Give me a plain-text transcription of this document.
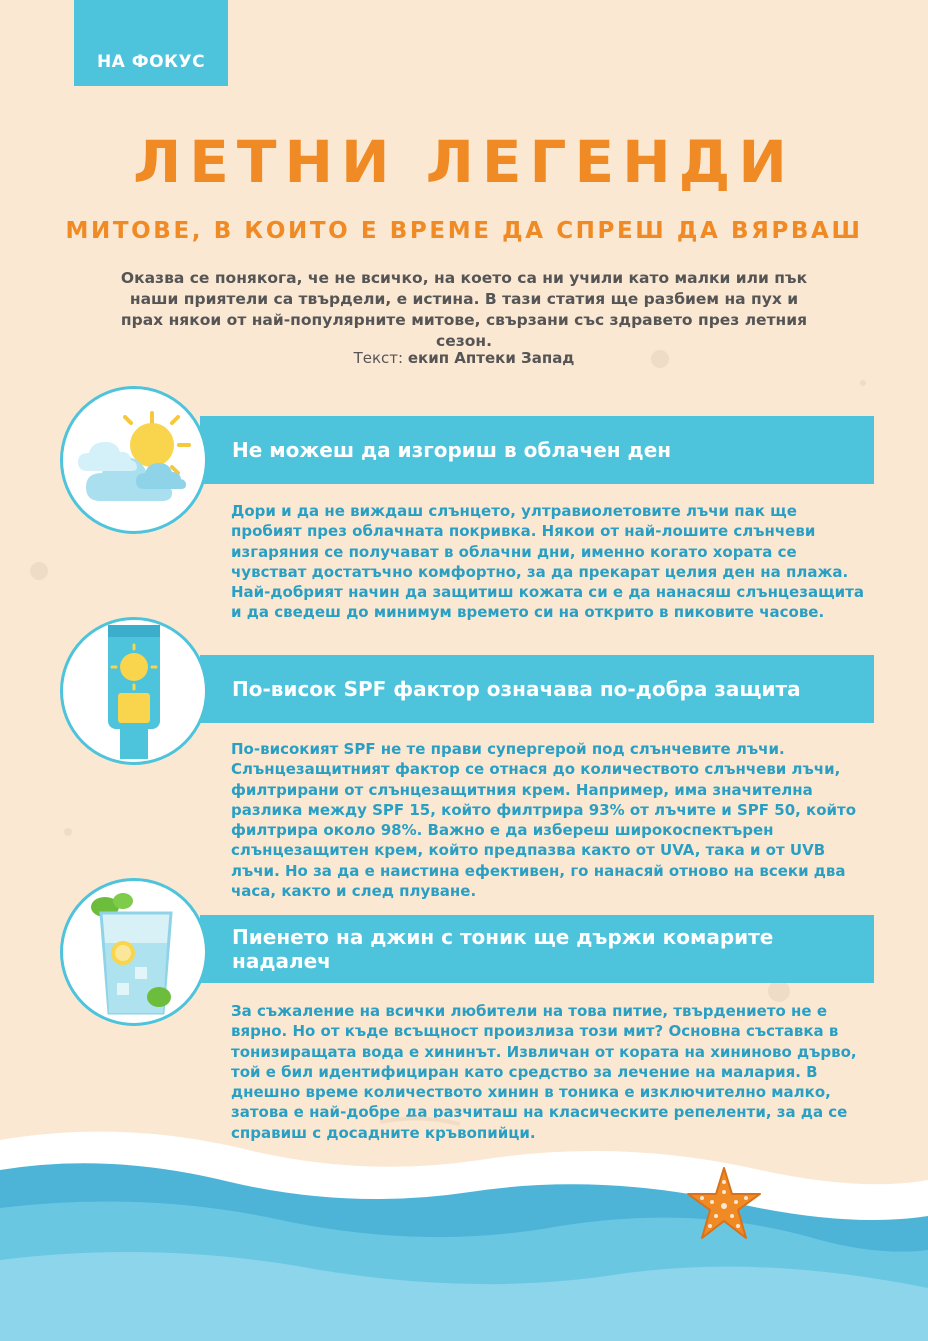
НА ФОКУС
ЛЕТНИ ЛЕГЕНДИ
МИТОВЕ, В КОИТО Е ВРЕМЕ ДА СПРЕШ ДА ВЯРВАШ
Оказва се понякога, че не всичко, на което са ни учили като малки или пък наши приятели са твърдели, е истина. В тази статия ще разбием на пух и прах някои от най-популярните митове, свързани със здравето през летния сезон.
Текст: екип Аптеки Запад
Не можеш да изгориш в облачен ден
Дори и да не виждаш слънцето, ултравиолетовите лъчи пак ще пробият през облачната покривка. Някои от най-лошите слънчеви изгаряния се получават в облачни дни, именно когато хората се чувстват достатъчно комфортно, за да прекарат целия ден на плажа. Най-добрият начин да защитиш кожата си е да нанасяш слънцезащита и да сведеш до минимум времето си на открито в пиковите часове.
По-висок SPF фактор означава по-добра защита
По-високият SPF не те прави супергерой под слънчевите лъчи. Слънцезащитният фактор се отнася до количеството слънчеви лъчи, филтрирани от слънцезащитния крем. Например, има значителна разлика между SPF 15, който филтрира 93% от лъчите и SPF 50, който филтрира около 98%. Важно е да избереш широкоспектърен слънцезащитен крем, който предпазва както от UVA, така и от UVB лъчи. Но за да е наистина ефективен, го нанасяй отново на всеки два часа, както и след плуване.
Пиенето на джин с тоник ще държи комарите надалеч
За съжаление на всички любители на това питие, твърдението не е вярно. Но от къде всъщност произлиза този мит? Основна съставка в тонизиращата вода е хининът. Извличан от кората на хининово дърво, той е бил идентифициран като средство за лечение на малария. В днешно време количеството хинин в тоника е изключително малко, затова е най-добре да разчиташ на класическите репеленти, за да се справиш с досадните кръвопийци.
